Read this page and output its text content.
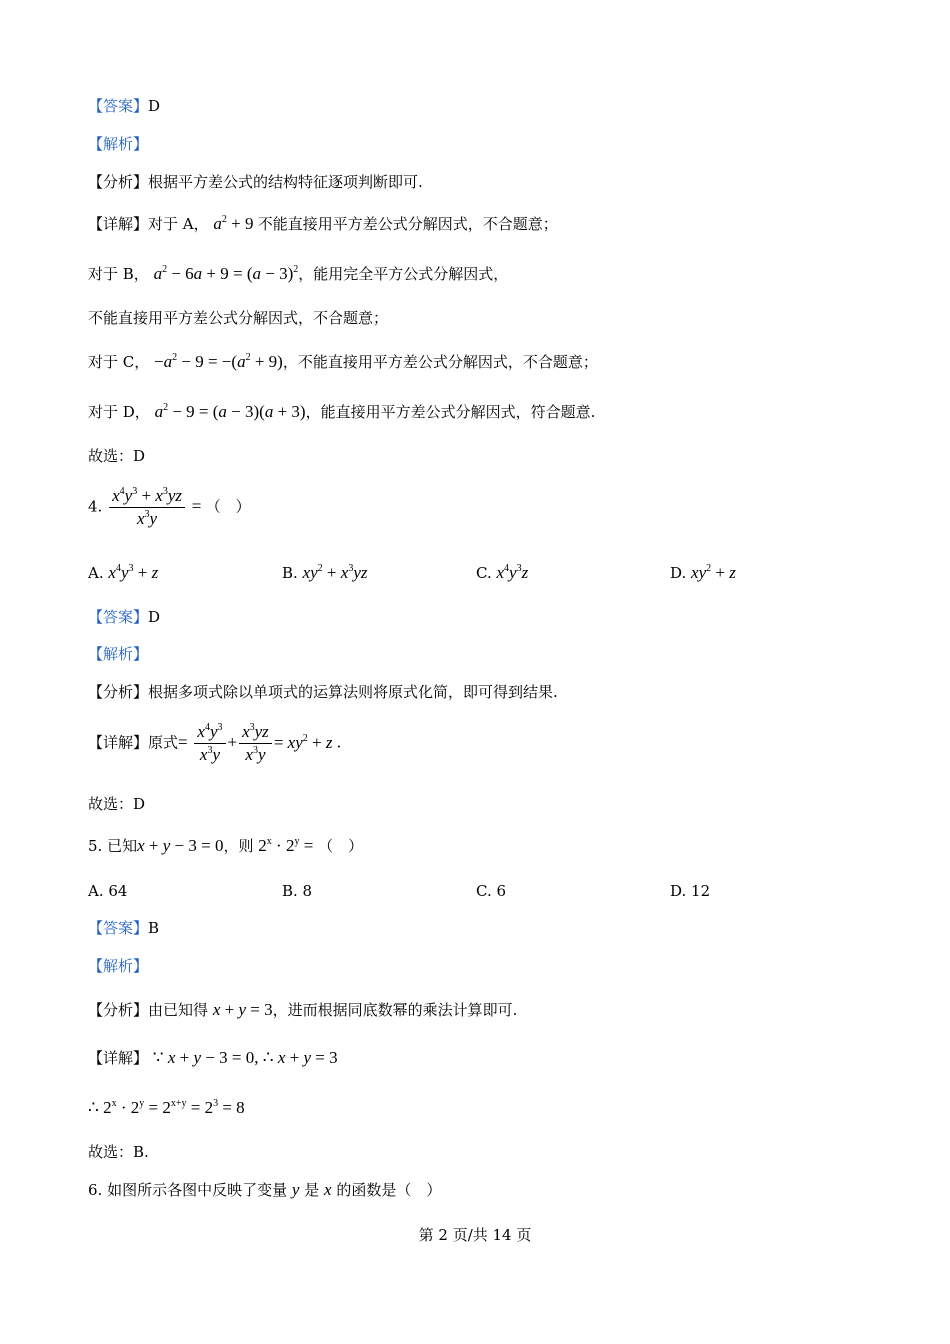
【答案】D
【解析】
【分析】根据平方差公式的结构特征逐项判断即可.
【详解】对于 A， $a^2 + 9$ 不能直接用平方差公式分解因式，不合题意；
对于 B， $a^2 - 6a + 9 = (a - 3)^2$，能用完全平方公式分解因式，
不能直接用平方差公式分解因式，不合题意；
对于 C， $-a^2 - 9 = -(a^2 + 9)$，不能直接用平方差公式分解因式，不合题意；
对于 D， $a^2 - 9 = (a - 3)(a + 3)$，能直接用平方差公式分解因式，符合题意.
故选：D
4. $\frac{x^4y^3 + x^3yz}{x^3y}$ = （　）
A. $x^4y^3 + z$	B. $xy^2 + x^3yz$	C. $x^4y^3z$	D. $xy^2 + z$
【答案】D
【解析】
【分析】根据多项式除以单项式的运算法则将原式化简，即可得到结果.
【详解】原式= $\frac{x^4y^3}{x^3y} + \frac{x^3yz}{x^3y} = xy^2 + z$ .
故选：D
5. 已知x + y − 3 = 0，则 $2^x \cdot 2^y$ = （　）
A. 64	B. 8	C. 6	D. 12
【答案】B
【解析】
【分析】由已知得 x + y = 3，进而根据同底数幂的乘法计算即可.
【详解】 ∵ x + y − 3 = 0, ∴ x + y = 3
∴ $2^x \cdot 2^y = 2^{x+y} = 2^3 = 8$
故选：B.
6. 如图所示各图中反映了变量 y 是 x 的函数是（　）
第 2 页/共 14 页
